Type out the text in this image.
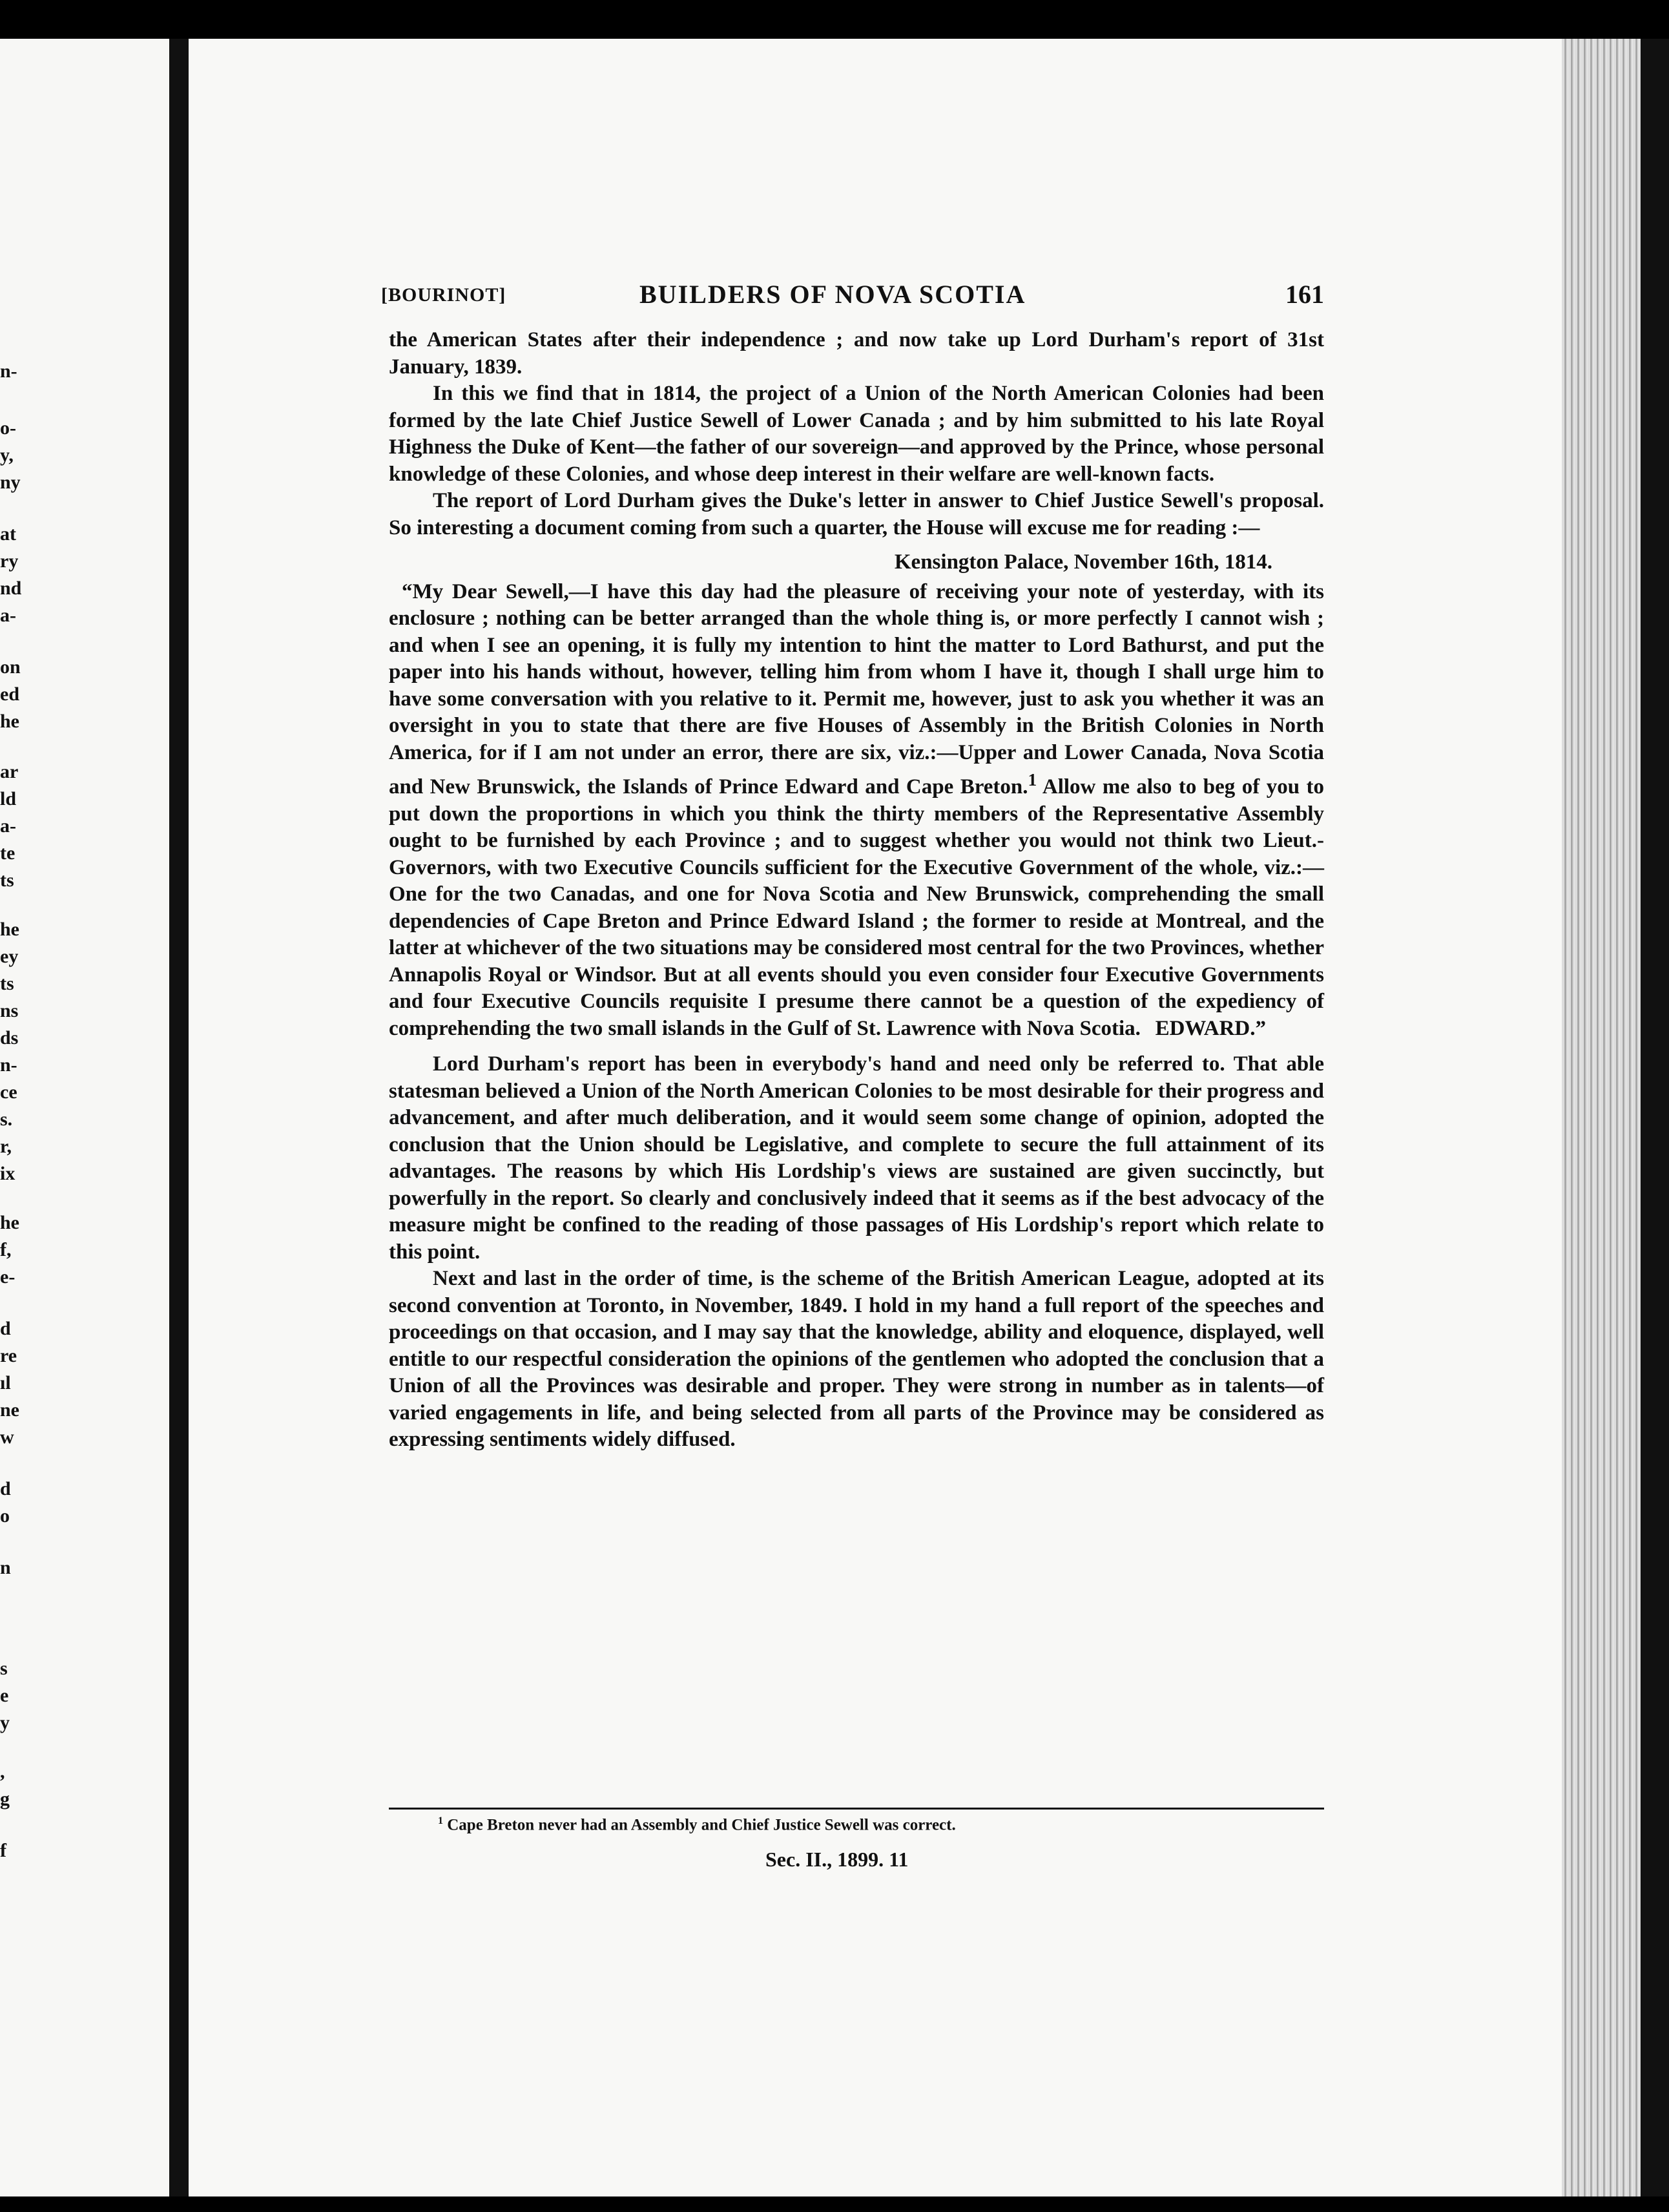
n-
o-
y,
ny
at
ry
nd
a-
on
ed
he
ar
ld
a-
te
ts
he
ey
ts
ns
ds
n-
ce
s.
r,
ix
he
f,
e-
d
re
ıl
ne
w
d
o
n
s
e
y
,
g
f
[BOURINOT]	BUILDERS OF NOVA SCOTIA	161

the American States after their independence ; and now take up Lord Durham's report of 31st January, 1839.

In this we find that in 1814, the project of a Union of the North American Colonies had been formed by the late Chief Justice Sewell of Lower Canada ; and by him submitted to his late Royal Highness the Duke of Kent—the father of our sovereign—and approved by the Prince, whose personal knowledge of these Colonies, and whose deep interest in their welfare are well-known facts.

The report of Lord Durham gives the Duke's letter in answer to Chief Justice Sewell's proposal. So interesting a document coming from such a quarter, the House will excuse me for reading :—

Kensington Palace, November 16th, 1814.

“My Dear Sewell,—I have this day had the pleasure of receiving your note of yesterday, with its enclosure ; nothing can be better arranged than the whole thing is, or more perfectly I cannot wish ; and when I see an opening, it is fully my intention to hint the matter to Lord Bathurst, and put the paper into his hands without, however, telling him from whom I have it, though I shall urge him to have some conversation with you relative to it. Permit me, however, just to ask you whether it was an oversight in you to state that there are five Houses of Assembly in the British Colonies in North America, for if I am not under an error, there are six, viz.:—Upper and Lower Canada, Nova Scotia and New Brunswick, the Islands of Prince Edward and Cape Breton.$^1$ Allow me also to beg of you to put down the proportions in which you think the thirty members of the Representative Assembly ought to be furnished by each Province ; and to suggest whether you would not think two Lieut.-Governors, with two Executive Councils sufficient for the Executive Government of the whole, viz.:—One for the two Canadas, and one for Nova Scotia and New Brunswick, comprehending the small dependencies of Cape Breton and Prince Edward Island ; the former to reside at Montreal, and the latter at whichever of the two situations may be considered most central for the two Provinces, whether Annapolis Royal or Windsor. But at all events should you even consider four Executive Governments and four Executive Councils requisite I presume there cannot be a question of the expediency of comprehending the two small islands in the Gulf of St. Lawrence with Nova Scotia. EDWARD.”

Lord Durham's report has been in everybody's hand and need only be referred to. That able statesman believed a Union of the North American Colonies to be most desirable for their progress and advancement, and after much deliberation, and it would seem some change of opinion, adopted the conclusion that the Union should be Legislative, and complete to secure the full attainment of its advantages. The reasons by which His Lordship's views are sustained are given succinctly, but powerfully in the report. So clearly and conclusively indeed that it seems as if the best advocacy of the measure might be confined to the reading of those passages of His Lordship's report which relate to this point.

Next and last in the order of time, is the scheme of the British American League, adopted at its second convention at Toronto, in November, 1849. I hold in my hand a full report of the speeches and proceedings on that occasion, and I may say that the knowledge, ability and eloquence, displayed, well entitle to our respectful consideration the opinions of the gentlemen who adopted the conclusion that a Union of all the Provinces was desirable and proper. They were strong in number as in talents—of varied engagements in life, and being selected from all parts of the Province may be considered as expressing sentiments widely diffused.

$^1$ Cape Breton never had an Assembly and Chief Justice Sewell was correct.
Sec. II., 1899. 11
